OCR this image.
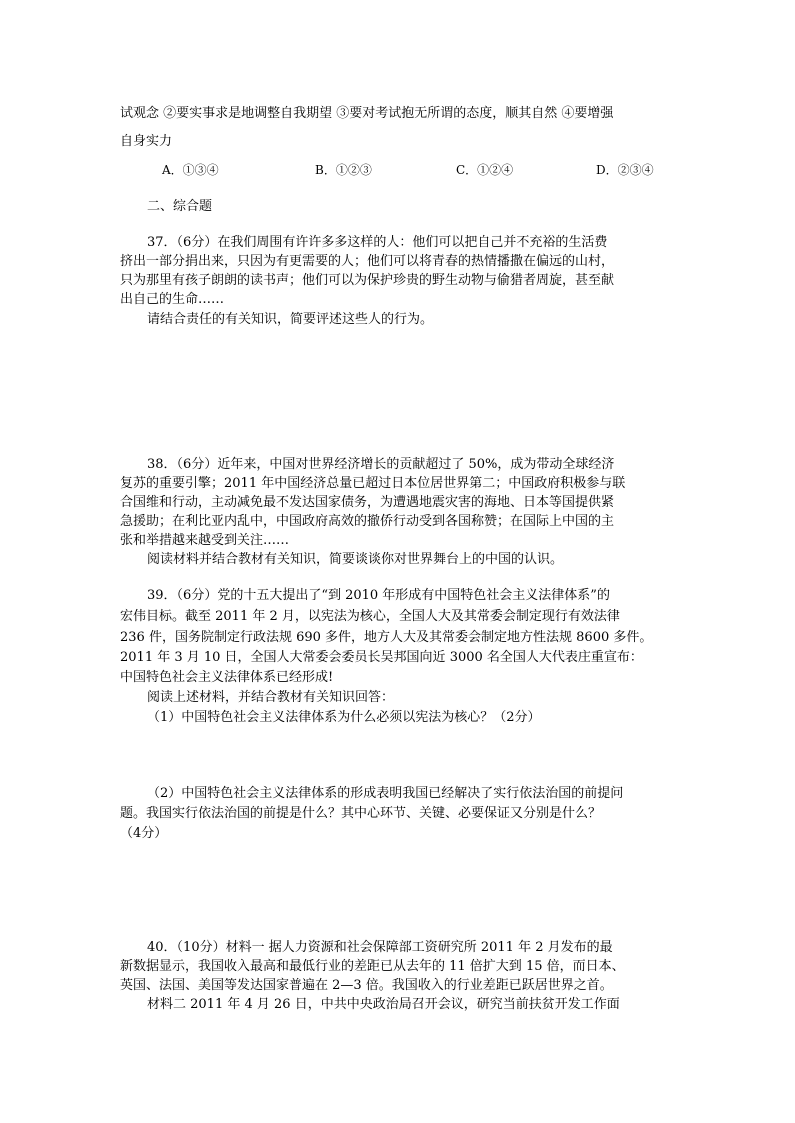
试观念 ②要实事求是地调整自我期望 ③要对考试抱无所谓的态度，顺其自然 ④要增强
自身实力
A．①③④	B．①②③	C．①②④	D．②③④
二、综合题
37．（6分）在我们周围有许许多多这样的人：他们可以把自己并不充裕的生活费
挤出一部分捐出来，只因为有更需要的人；他们可以将青春的热情播撒在偏远的山村，
只为那里有孩子朗朗的读书声；他们可以为保护珍贵的野生动物与偷猎者周旋，甚至献
出自己的生命……
请结合责任的有关知识，简要评述这些人的行为。
38．（6分）近年来，中国对世界经济增长的贡献超过了 50%，成为带动全球经济
复苏的重要引擎；2011 年中国经济总量已超过日本位居世界第二；中国政府积极参与联
合国维和行动，主动减免最不发达国家债务，为遭遇地震灾害的海地、日本等国提供紧
急援助；在利比亚内乱中，中国政府高效的撤侨行动受到各国称赞；在国际上中国的主
张和举措越来越受到关注……
阅读材料并结合教材有关知识，简要谈谈你对世界舞台上的中国的认识。
39．（6分）党的十五大提出了“到 2010 年形成有中国特色社会主义法律体系”的
宏伟目标。截至 2011 年 2 月，以宪法为核心，全国人大及其常委会制定现行有效法律
236 件，国务院制定行政法规 690 多件，地方人大及其常委会制定地方性法规 8600 多件。
2011 年 3 月 10 日，全国人大常委会委员长吴邦国向近 3000 名全国人大代表庄重宣布：
中国特色社会主义法律体系已经形成!
阅读上述材料，并结合教材有关知识回答：
（1）中国特色社会主义法律体系为什么必须以宪法为核心？（2分）
（2）中国特色社会主义法律体系的形成表明我国已经解决了实行依法治国的前提问
题。我国实行依法治国的前提是什么？其中心环节、关键、必要保证又分别是什么？
（4分）
40．（10分）材料一 据人力资源和社会保障部工资研究所 2011 年 2 月发布的最
新数据显示，我国收入最高和最低行业的差距已从去年的 11 倍扩大到 15 倍，而日本、
英国、法国、美国等发达国家普遍在 2—3 倍。我国收入的行业差距已跃居世界之首。
材料二 2011 年 4 月 26 日，中共中央政治局召开会议，研究当前扶贫开发工作面
